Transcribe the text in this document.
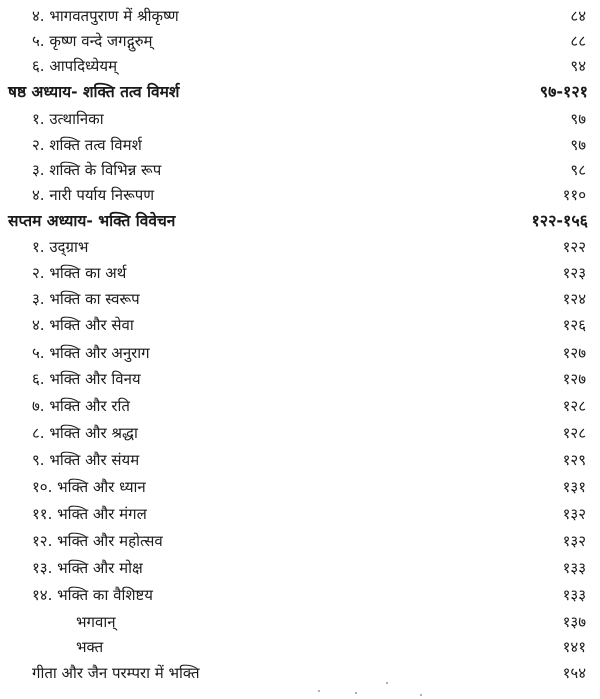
४. भागवतपुराण में श्रीकृष्ण	८४
५. कृष्ण वन्दे जगद्गुरुम्	८८
६. आपदिध्येयम्	९४
षष्ठ अध्याय- शक्ति तत्व विमर्श	९७-१२१
१. उत्थानिका	९७
२. शक्ति तत्व विमर्श	९७
३. शक्ति के विभिन्न रूप	९८
४. नारी पर्याय निरूपण	११०
सप्तम अध्याय- भक्ति विवेचन	१२२-१५६
१. उद्ग्राभ	१२२
२. भक्ति का अर्थ	१२३
३. भक्ति का स्वरूप	१२४
४. भक्ति और सेवा	१२६
५. भक्ति और अनुराग	१२७
६. भक्ति और विनय	१२७
७. भक्ति और रति	१२८
८. भक्ति और श्रद्धा	१२८
९. भक्ति और संयम	१२९
१०. भक्ति और ध्यान	१३१
११. भक्ति और मंगल	१३२
१२. भक्ति और महोत्सव	१३२
१३. भक्ति और मोक्ष	१३३
१४. भक्ति का वैशिष्टय	१३३
भगवान्	१३७
भक्त	१४१
गीता और जैन परम्परा में भक्ति	१५४
